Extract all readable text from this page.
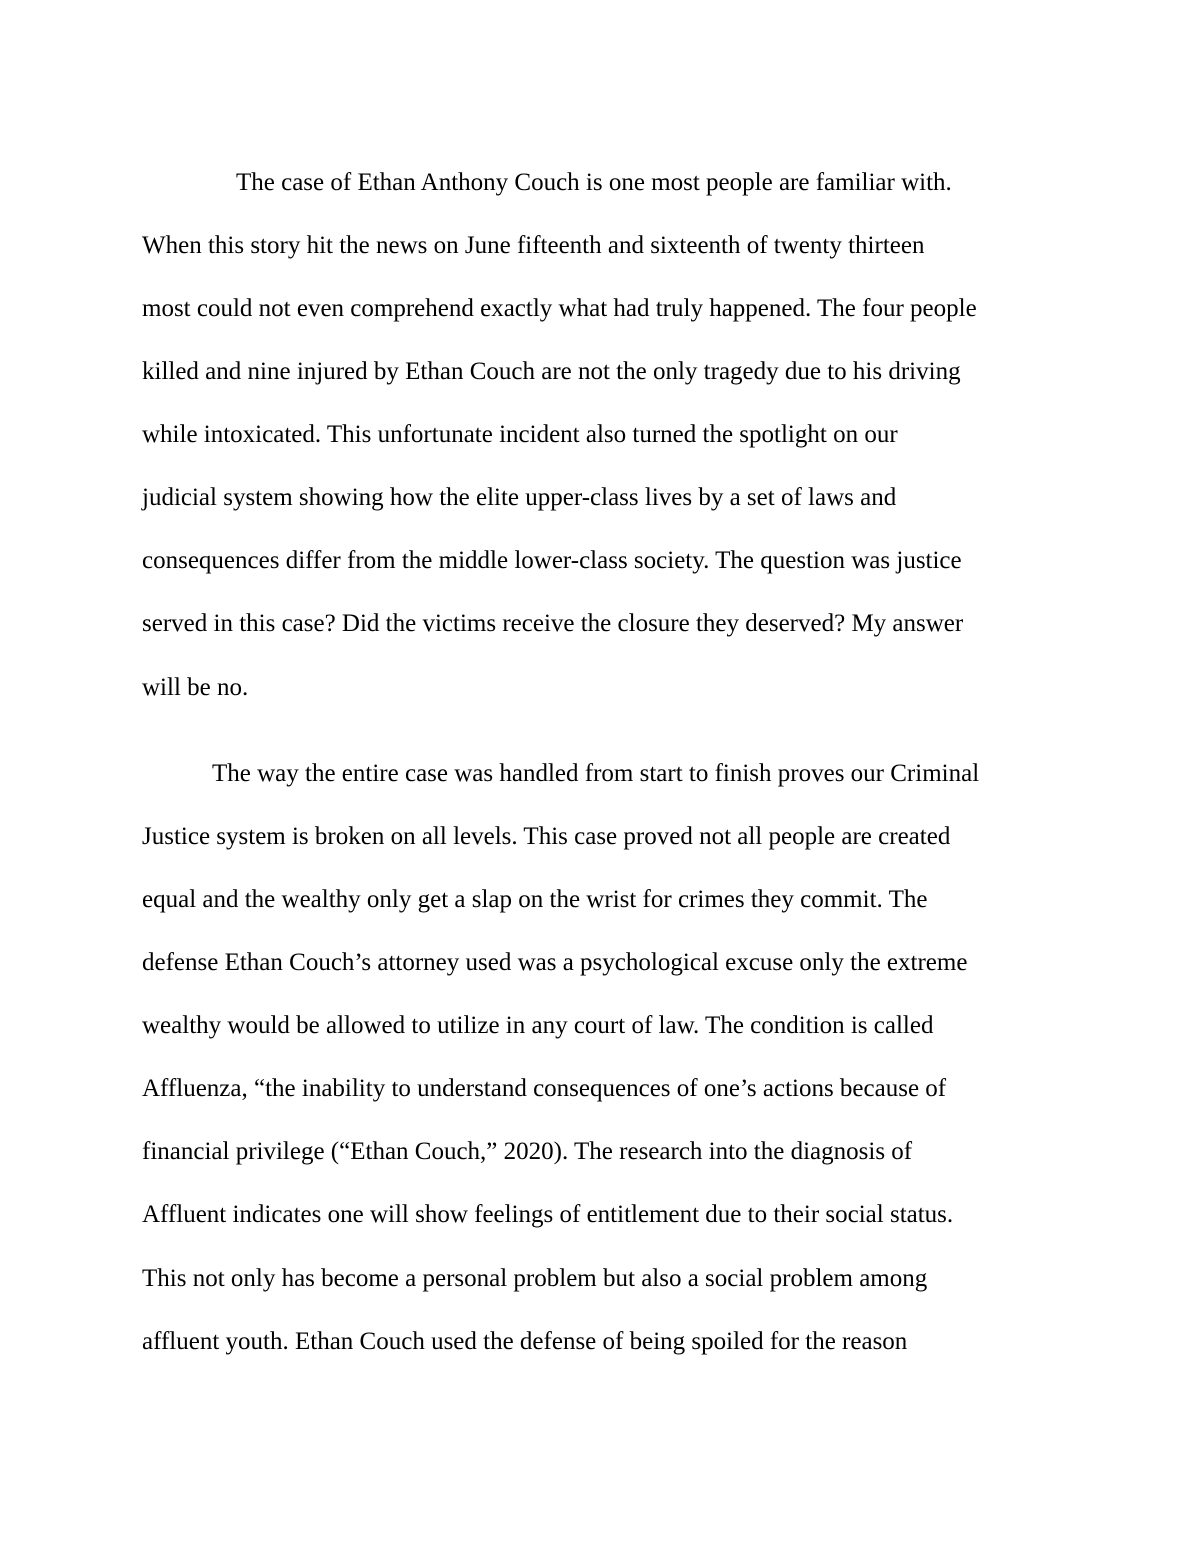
The case of Ethan Anthony Couch is one most people are familiar with.

When this story hit the news on June fifteenth and sixteenth of twenty thirteen

most could not even comprehend exactly what had truly happened. The four people

killed and nine injured by Ethan Couch are not the only tragedy due to his driving

while intoxicated. This unfortunate incident also turned the spotlight on our

judicial system showing how the elite upper-class lives by a set of laws and

consequences differ from the middle lower-class society. The question was justice

served in this case? Did the victims receive the closure they deserved? My answer

will be no.

The way the entire case was handled from start to finish proves our Criminal

Justice system is broken on all levels. This case proved not all people are created

equal and the wealthy only get a slap on the wrist for crimes they commit. The

defense Ethan Couch’s attorney used was a psychological excuse only the extreme

wealthy would be allowed to utilize in any court of law. The condition is called

Affluenza, “the inability to understand consequences of one’s actions because of

financial privilege (“Ethan Couch,” 2020). The research into the diagnosis of

Affluent indicates one will show feelings of entitlement due to their social status.

This not only has become a personal problem but also a social problem among

affluent youth. Ethan Couch used the defense of being spoiled for the reason
